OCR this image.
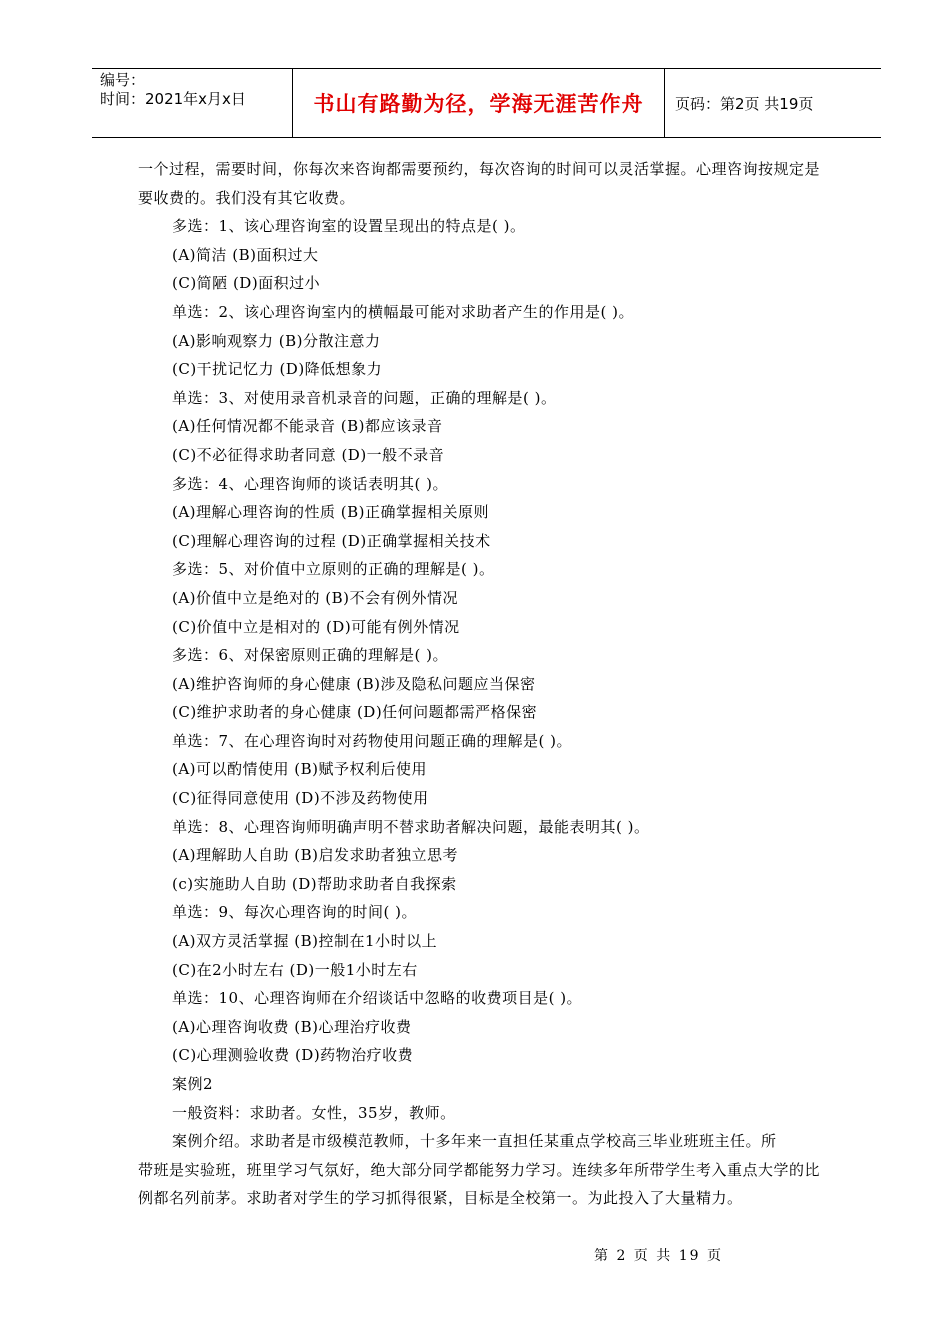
编号：
时间：2021年x月x日	书山有路勤为径，学海无涯苦作舟	页码：第2页 共19页

一个过程，需要时间，你每次来咨询都需要预约，每次咨询的时间可以灵活掌握。心理咨询按规定是要收费的。我们没有其它收费。

多选：1、该心理咨询室的设置呈现出的特点是( )。

(A)简洁 (B)面积过大

(C)简陋 (D)面积过小

单选：2、该心理咨询室内的横幅最可能对求助者产生的作用是( )。

(A)影响观察力 (B)分散注意力

(C)干扰记忆力 (D)降低想象力

单选：3、对使用录音机录音的问题，正确的理解是( )。

(A)任何情况都不能录音 (B)都应该录音

(C)不必征得求助者同意 (D)一般不录音

多选：4、心理咨询师的谈话表明其( )。

(A)理解心理咨询的性质 (B)正确掌握相关原则

(C)理解心理咨询的过程 (D)正确掌握相关技术

多选：5、对价值中立原则的正确的理解是( )。

(A)价值中立是绝对的 (B)不会有例外情况

(C)价值中立是相对的 (D)可能有例外情况

多选：6、对保密原则正确的理解是( )。

(A)维护咨询师的身心健康 (B)涉及隐私问题应当保密

(C)维护求助者的身心健康 (D)任何问题都需严格保密

单选：7、在心理咨询时对药物使用问题正确的理解是( )。

(A)可以酌情使用 (B)赋予权利后使用

(C)征得同意使用 (D)不涉及药物使用

单选：8、心理咨询师明确声明不替求助者解决问题，最能表明其( )。

(A)理解助人自助 (B)启发求助者独立思考

(c)实施助人自助 (D)帮助求助者自我探索

单选：9、每次心理咨询的时间( )。

(A)双方灵活掌握 (B)控制在1小时以上

(C)在2小时左右 (D)一般1小时左右

单选：10、心理咨询师在介绍谈话中忽略的收费项目是( )。

(A)心理咨询收费 (B)心理治疗收费

(C)心理测验收费 (D)药物治疗收费

案例2

一般资料：求助者。女性，35岁，教师。

案例介绍。求助者是市级模范教师，十多年来一直担任某重点学校高三毕业班班主任。所

带班是实验班，班里学习气氛好，绝大部分同学都能努力学习。连续多年所带学生考入重点大学的比例都名列前茅。求助者对学生的学习抓得很紧，目标是全校第一。为此投入了大量精力。

第 2 页 共 19 页
